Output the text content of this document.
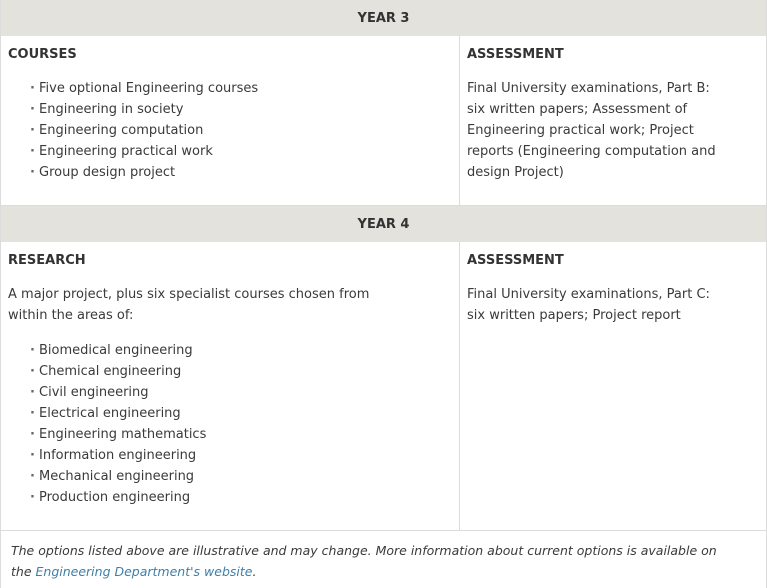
YEAR 3
COURSES
· Five optional Engineering courses
· Engineering in society
· Engineering computation
· Engineering practical work
· Group design project
ASSESSMENT
Final University examinations, Part B:
six written papers; Assessment of
Engineering practical work; Project
reports (Engineering computation and
design Project)
YEAR 4
RESEARCH
A major project, plus six specialist courses chosen from
within the areas of:
· Biomedical engineering
· Chemical engineering
· Civil engineering
· Electrical engineering
· Engineering mathematics
· Information engineering
· Mechanical engineering
· Production engineering
ASSESSMENT
Final University examinations, Part C:
six written papers; Project report
The options listed above are illustrative and may change. More information about current options is available on
the Engineering Department's website.
